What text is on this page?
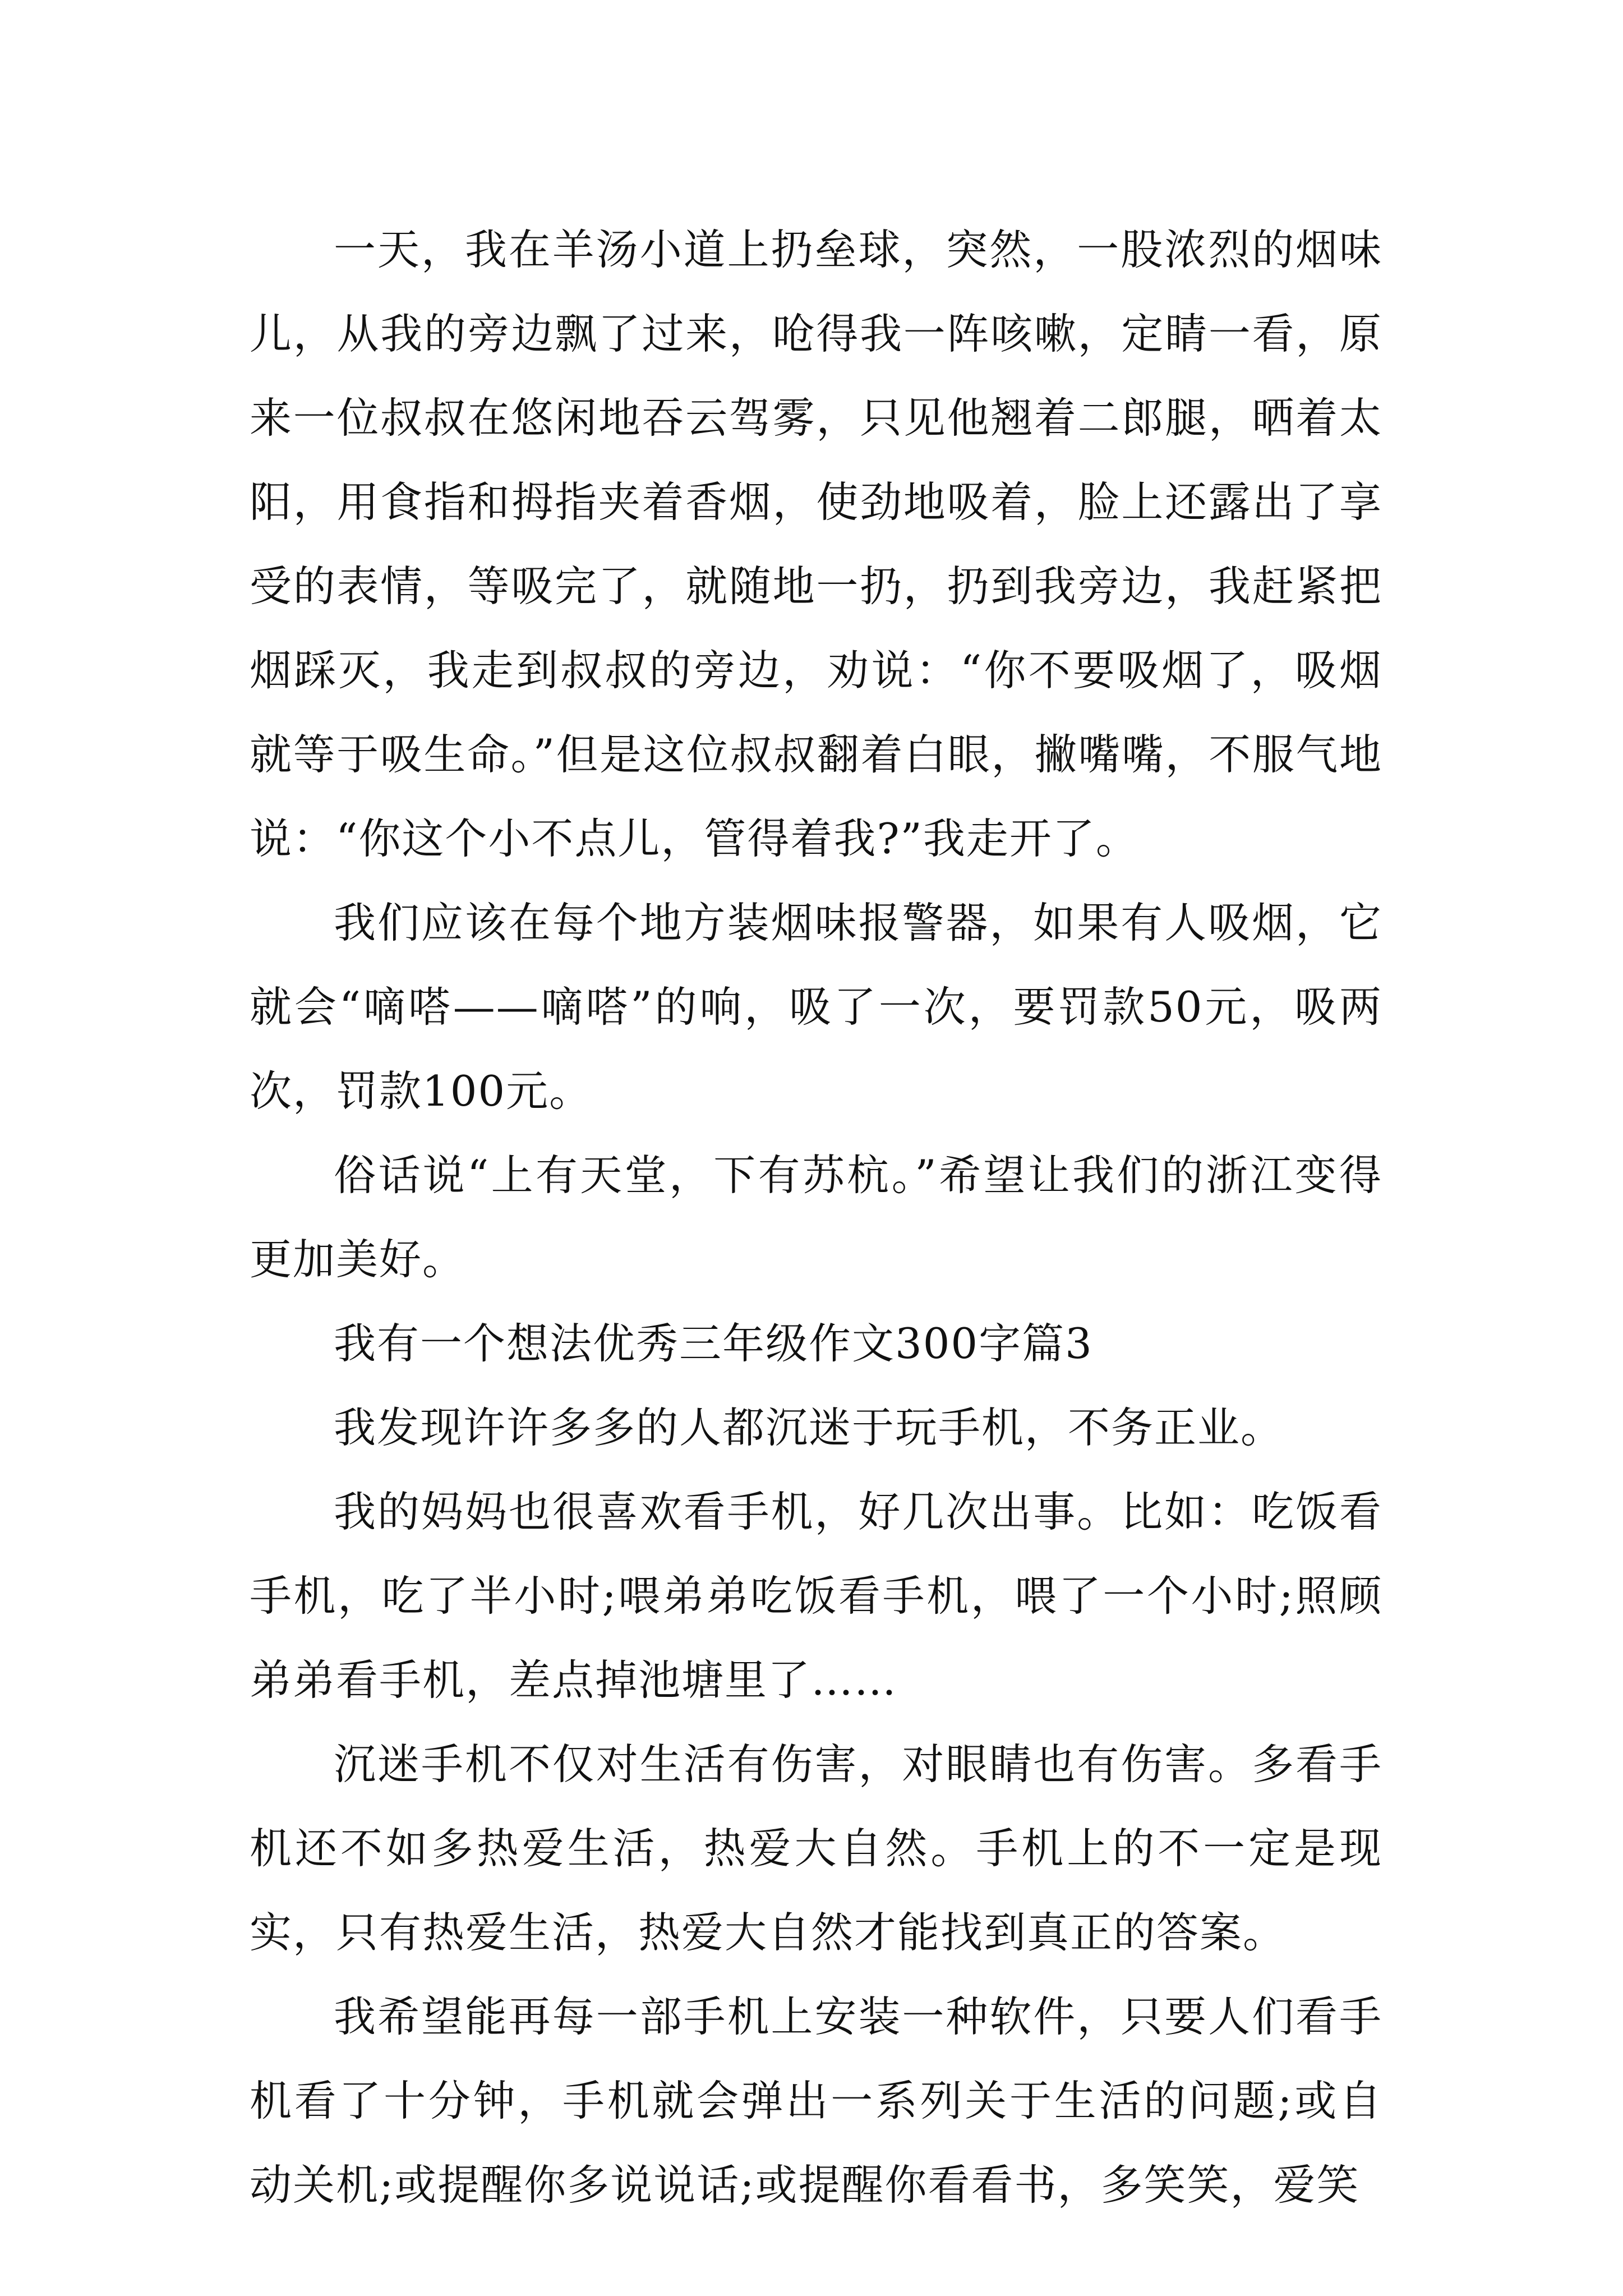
一天，我在羊汤小道上扔垒球，突然，一股浓烈的烟味儿，从我的旁边飘了过来，呛得我一阵咳嗽，定睛一看，原来一位叔叔在悠闲地吞云驾雾，只见他翘着二郎腿，晒着太阳，用食指和拇指夹着香烟，使劲地吸着，脸上还露出了享受的表情，等吸完了，就随地一扔，扔到我旁边，我赶紧把烟踩灭，我走到叔叔的旁边，劝说：“你不要吸烟了，吸烟就等于吸生命。”但是这位叔叔翻着白眼，撇嘴嘴，不服气地说：“你这个小不点儿，管得着我?”我走开了。

我们应该在每个地方装烟味报警器，如果有人吸烟，它就会“嘀嗒——嘀嗒”的响，吸了一次，要罚款50元，吸两次，罚款100元。

俗话说“上有天堂，下有苏杭。”希望让我们的浙江变得更加美好。

我有一个想法优秀三年级作文300字篇3

我发现许许多多的人都沉迷于玩手机，不务正业。

我的妈妈也很喜欢看手机，好几次出事。比如：吃饭看手机，吃了半小时;喂弟弟吃饭看手机，喂了一个小时;照顾弟弟看手机，差点掉池塘里了……

沉迷手机不仅对生活有伤害，对眼睛也有伤害。多看手机还不如多热爱生活，热爱大自然。手机上的不一定是现实，只有热爱生活，热爱大自然才能找到真正的答案。

我希望能再每一部手机上安装一种软件，只要人们看手机看了十分钟，手机就会弹出一系列关于生活的问题;或自动关机;或提醒你多说说话;或提醒你看看书，多笑笑，爱笑
